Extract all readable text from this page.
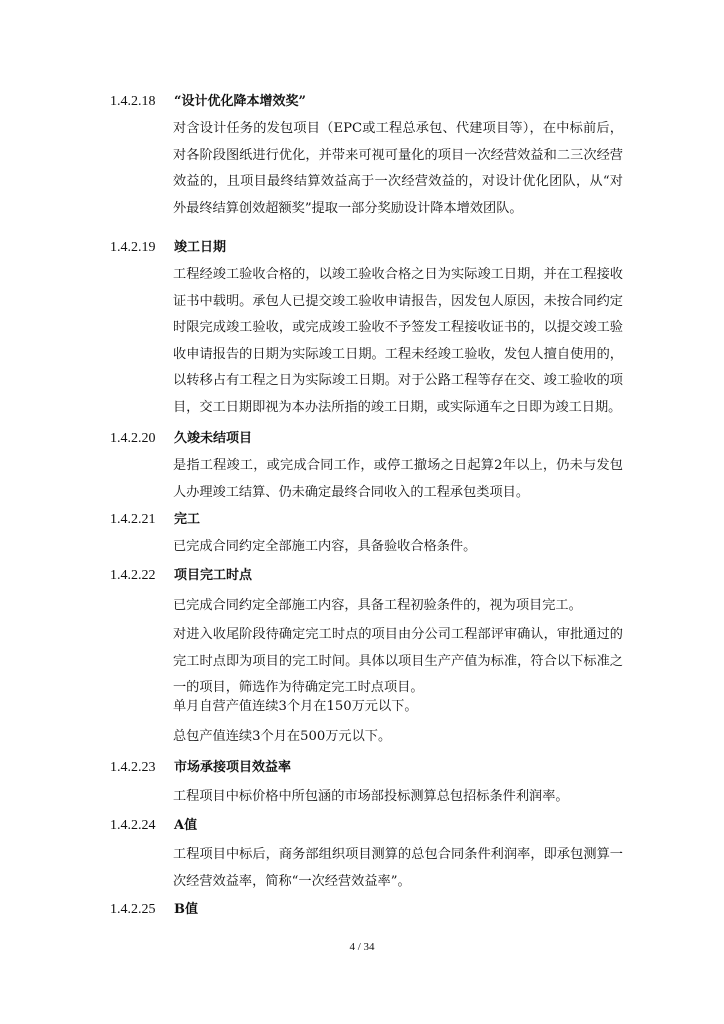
1.4.2.18 “设计优化降本增效奖”
对含设计任务的发包项目（EPC或工程总承包、代建项目等），在中标前后，对各阶段图纸进行优化，并带来可视可量化的项目一次经营效益和二三次经营效益的，且项目最终结算效益高于一次经营效益的，对设计优化团队，从“对外最终结算创效超额奖”提取一部分奖励设计降本增效团队。
1.4.2.19 竣工日期
工程经竣工验收合格的，以竣工验收合格之日为实际竣工日期，并在工程接收证书中载明。承包人已提交竣工验收申请报告，因发包人原因，未按合同约定时限完成竣工验收，或完成竣工验收不予签发工程接收证书的，以提交竣工验收申请报告的日期为实际竣工日期。工程未经竣工验收，发包人擅自使用的，以转移占有工程之日为实际竣工日期。对于公路工程等存在交、竣工验收的项目，交工日期即视为本办法所指的竣工日期，或实际通车之日即为竣工日期。
1.4.2.20 久竣未结项目
是指工程竣工，或完成合同工作，或停工撤场之日起算2年以上，仍未与发包人办理竣工结算、仍未确定最终合同收入的工程承包类项目。
1.4.2.21 完工
已完成合同约定全部施工内容，具备验收合格条件。
1.4.2.22 项目完工时点
已完成合同约定全部施工内容，具备工程初验条件的，视为项目完工。
对进入收尾阶段待确定完工时点的项目由分公司工程部评审确认，审批通过的完工时点即为项目的完工时间。具体以项目生产产值为标准，符合以下标准之一的项目，筛选作为待确定完工时点项目。
单月自营产值连续3个月在150万元以下。
总包产值连续3个月在500万元以下。
1.4.2.23 市场承接项目效益率
工程项目中标价格中所包涵的市场部投标测算总包招标条件利润率。
1.4.2.24 A值
工程项目中标后，商务部组织项目测算的总包合同条件利润率，即承包测算一次经营效益率，简称“一次经营效益率”。
1.4.2.25 B值
4 / 34
